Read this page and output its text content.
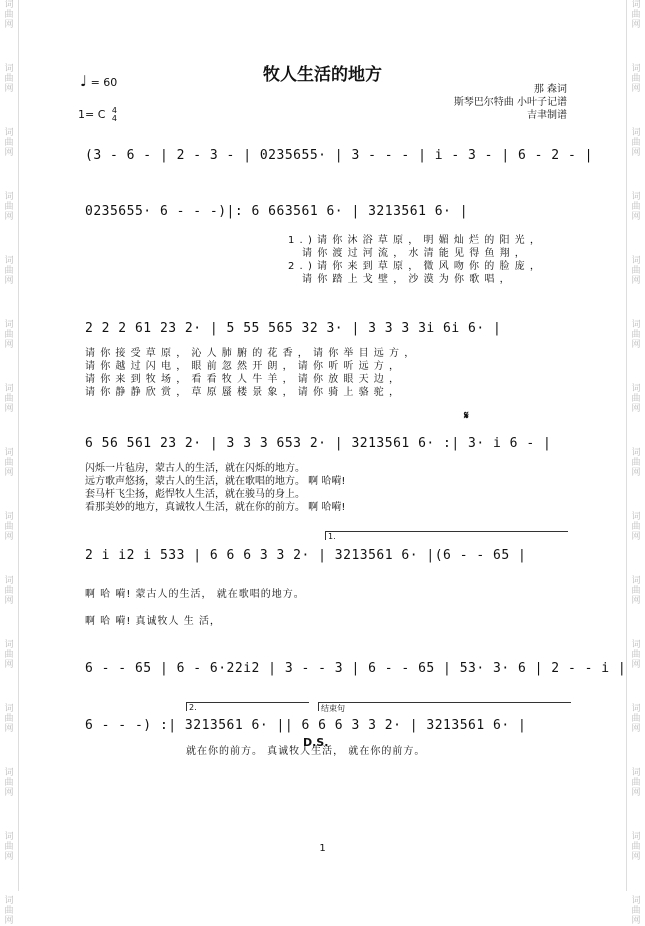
词
曲
网
词
曲
网
词
曲
网
词
曲
网
词
曲
网
词
曲
网
词
曲
网
词
曲
网
词
曲
网
词
曲
网
词
曲
网
词
曲
网
词
曲
网
词
曲
网
词
曲
网
词
曲
网
词
曲
网
词
曲
网
词
曲
网
词
曲
网
词
曲
网
词
曲
网
词
曲
网
词
曲
网
词
曲
网
词
曲
网
词
曲
网
词
曲
网
词
曲
网
词
曲
网
牧人生活的地方
♩ = 60
1= C 4
4
那 森词
斯琴巴尔特曲 小叶子记谱
吉聿制谱
(3 - 6 - | 2 - 3 - | 0235655· | 3 - - - | i - 3 - | 6 - 2 - |
0235655· 6 - - -)|: 6 663561 6· | 3213561 6· |
2 2 2 61 23 2· | 5 55 565 32 3· | 3 3 3 3i 6i 6· |
6 56 561 23 2· | 3 3 3 653 2· | 3213561 6· :| 3· i 6 - |
2 i i2 i 533 | 6 6 6 3 3 2· | 3213561 6· |(6 - - 65 |
6 - - 65 | 6 - 6·22i2 | 3 - - 3 | 6 - - 65 | 53· 3· 6 | 2 - - i |
6 - - -) :| 3213561 6· || 6 6 6 3 3 2· | 3213561 6· |
1.)请你沐浴草原，明媚灿烂的阳光，
请你渡过河流，水清能见得鱼翔，
2.)请你来到草原，微风吻你的脸庞，
请你踏上戈壁，沙漠为你歌唱，
请你接受草原，沁人肺腑的花香，请你举目远方，
请你越过闪电，眼前忽然开朗，请你听听远方，
请你来到牧场，看看牧人牛羊，请你放眼天边，
请你静静欣赏，草原蜃楼景象，请你骑上骆驼，
𝄋
闪烁一片毡房，蒙古人的生活，就在闪烁的地方。
远方歌声悠扬，蒙古人的生活，就在歌唱的地方。 啊 哈嗬!
套马杆飞尘扬，彪悍牧人生活，就在骏马的身上。
看那美妙的地方，真诚牧人生活，就在你的前方。 啊 哈嗬!
1.
啊 哈 嗬! 蒙古人的生活， 就在歌唱的地方。
啊 哈 嗬! 真诚牧人 生 活，
2.	结束句
D.S.
就在你的前方。 真诚牧人生活， 就在你的前方。
1
